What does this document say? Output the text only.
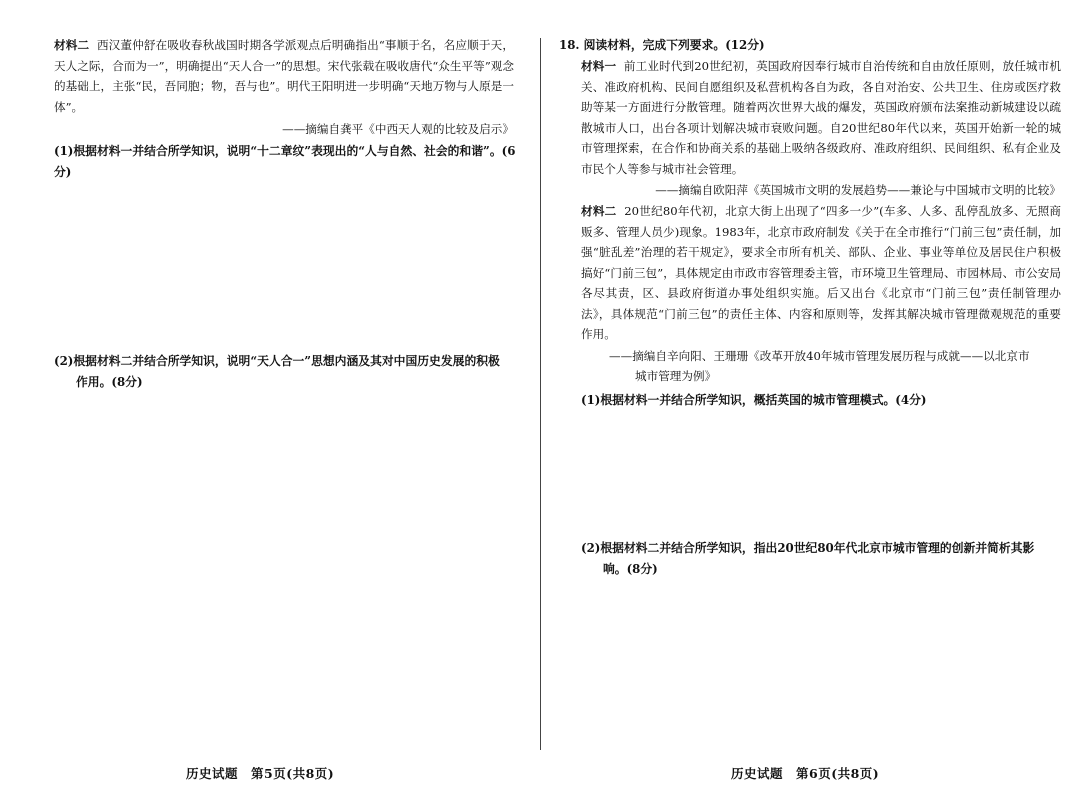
材料二 西汉董仲舒在吸收春秋战国时期各学派观点后明确指出“事顺于名，名应顺于天，天人之际，合而为一”，明确提出“天人合一”的思想。宋代张载在吸收唐代“众生平等”观念的基础上，主张“民，吾同胞；物，吾与也”。明代王阳明进一步明确“天地万物与人原是一体”。
——摘编自龚平《中西天人观的比较及启示》
(1)根据材料一并结合所学知识，说明“十二章纹”表现出的“人与自然、社会的和谐”。(6分)
(2)根据材料二并结合所学知识，说明“天人合一”思想内涵及其对中国历史发展的积极
作用。(8分)
历史试题　第5页(共8页)
18. 阅读材料，完成下列要求。(12分)
材料一 前工业时代到20世纪初，英国政府因奉行城市自治传统和自由放任原则，放任城市机关、准政府机构、民间自愿组织及私营机构各自为政，各自对治安、公共卫生、住房或医疗救助等某一方面进行分散管理。随着两次世界大战的爆发，英国政府颁布法案推动新城建设以疏散城市人口，出台各项计划解决城市衰败问题。自20世纪80年代以来，英国开始新一轮的城市管理探索，在合作和协商关系的基础上吸纳各级政府、准政府组织、民间组织、私有企业及市民个人等参与城市社会管理。
——摘编自欧阳萍《英国城市文明的发展趋势——兼论与中国城市文明的比较》
材料二 20世纪80年代初，北京大街上出现了“四多一少”(车多、人多、乱停乱放多、无照商贩多、管理人员少)现象。1983年，北京市政府制发《关于在全市推行“门前三包”责任制，加强“脏乱差”治理的若干规定》，要求全市所有机关、部队、企业、事业等单位及居民住户积极搞好“门前三包”，具体规定由市政市容管理委主管，市环境卫生管理局、市园林局、市公安局各尽其责，区、县政府街道办事处组织实施。后又出台《北京市“门前三包”责任制管理办法》，具体规范“门前三包”的责任主体、内容和原则等，发挥其解决城市管理微观规范的重要作用。
——摘编自辛向阳、王珊珊《改革开放40年城市管理发展历程与成就——以北京市
城市管理为例》
(1)根据材料一并结合所学知识，概括英国的城市管理模式。(4分)
(2)根据材料二并结合所学知识，指出20世纪80年代北京市城市管理的创新并简析其影
响。(8分)
历史试题　第6页(共8页)
